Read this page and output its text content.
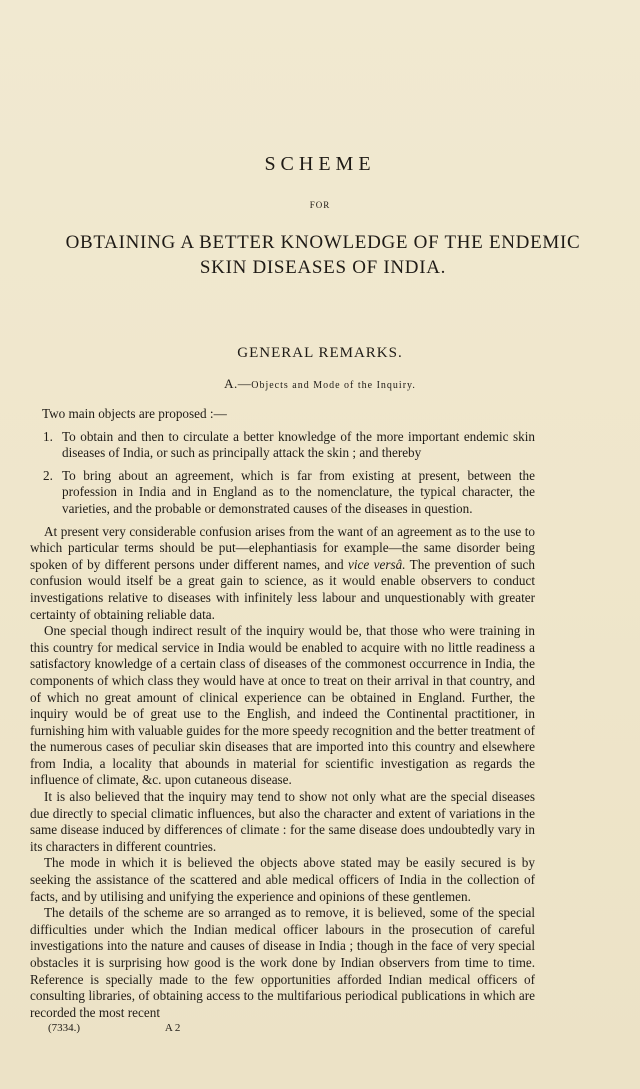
SCHEME
FOR
OBTAINING A BETTER KNOWLEDGE OF THE ENDEMIC
SKIN DISEASES OF INDIA.
GENERAL REMARKS.
A.—Objects and Mode of the Inquiry.
Two main objects are proposed :—
1. To obtain and then to circulate a better knowledge of the more important endemic skin diseases of India, or such as principally attack the skin ; and thereby
2. To bring about an agreement, which is far from existing at present, between the profession in India and in England as to the nomenclature, the typical character, the varieties, and the probable or demonstrated causes of the diseases in question.

At present very considerable confusion arises from the want of an agreement as to the use to which particular terms should be put—elephantiasis for example—the same disorder being spoken of by different persons under different names, and vice versâ. The prevention of such confusion would itself be a great gain to science, as it would enable observers to conduct investigations relative to diseases with infinitely less labour and unquestionably with greater certainty of obtaining reliable data.

One special though indirect result of the inquiry would be, that those who were training in this country for medical service in India would be enabled to acquire with no little readiness a satisfactory knowledge of a certain class of diseases of the commonest occurrence in India, the components of which class they would have at once to treat on their arrival in that country, and of which no great amount of clinical experience can be obtained in England. Further, the inquiry would be of great use to the English, and indeed the Continental practitioner, in furnishing him with valuable guides for the more speedy recognition and the better treatment of the numerous cases of peculiar skin diseases that are imported into this country and elsewhere from India, a locality that abounds in material for scientific investigation as regards the influence of climate, &c. upon cutaneous disease.

It is also believed that the inquiry may tend to show not only what are the special diseases due directly to special climatic influences, but also the character and extent of variations in the same disease induced by differences of climate : for the same disease does undoubtedly vary in its characters in different countries.

The mode in which it is believed the objects above stated may be easily secured is by seeking the assistance of the scattered and able medical officers of India in the collection of facts, and by utilising and unifying the experience and opinions of these gentlemen.

The details of the scheme are so arranged as to remove, it is believed, some of the special difficulties under which the Indian medical officer labours in the prosecution of careful investigations into the nature and causes of disease in India ; though in the face of very special obstacles it is surprising how good is the work done by Indian observers from time to time. Reference is specially made to the few opportunities afforded Indian medical officers of consulting libraries, of obtaining access to the multifarious periodical publications in which are recorded the most recent

(7334.)	A 2
